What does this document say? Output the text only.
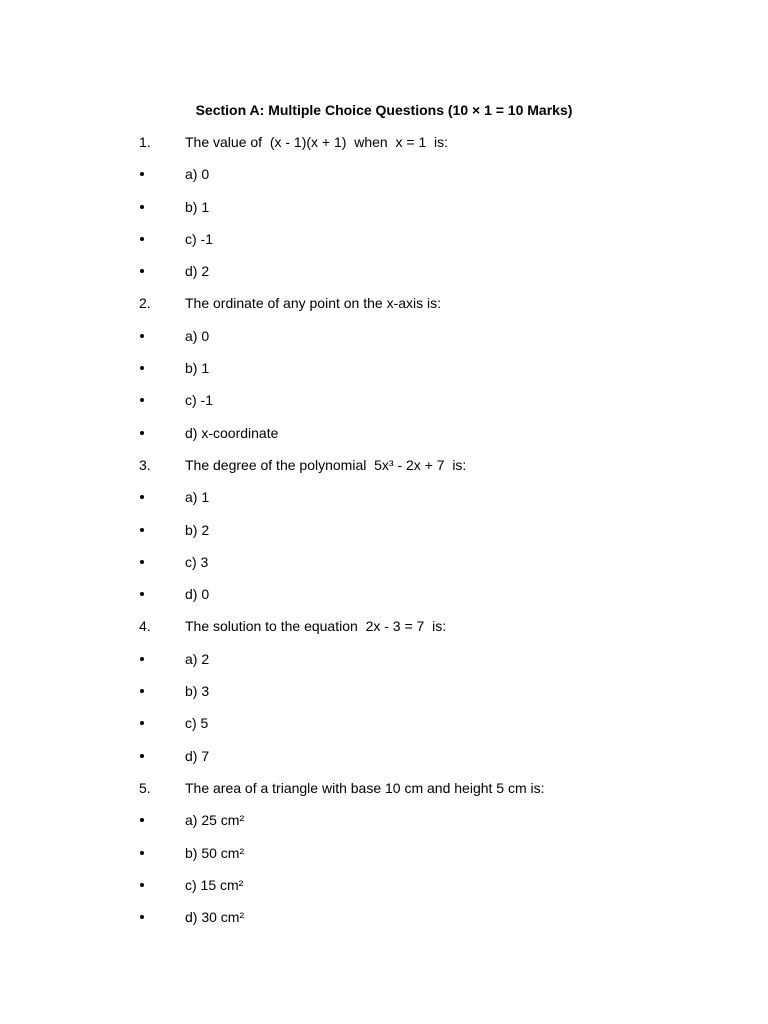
Section A: Multiple Choice Questions (10 × 1 = 10 Marks)
1. The value of  (x - 1)(x + 1)  when  x = 1  is:
a) 0
b) 1
c) -1
d) 2
2. The ordinate of any point on the x-axis is:
a) 0
b) 1
c) -1
d) x-coordinate
3. The degree of the polynomial  5x³ - 2x + 7  is:
a) 1
b) 2
c) 3
d) 0
4. The solution to the equation  2x - 3 = 7  is:
a) 2
b) 3
c) 5
d) 7
5. The area of a triangle with base 10 cm and height 5 cm is:
a) 25 cm²
b) 50 cm²
c) 15 cm²
d) 30 cm²
